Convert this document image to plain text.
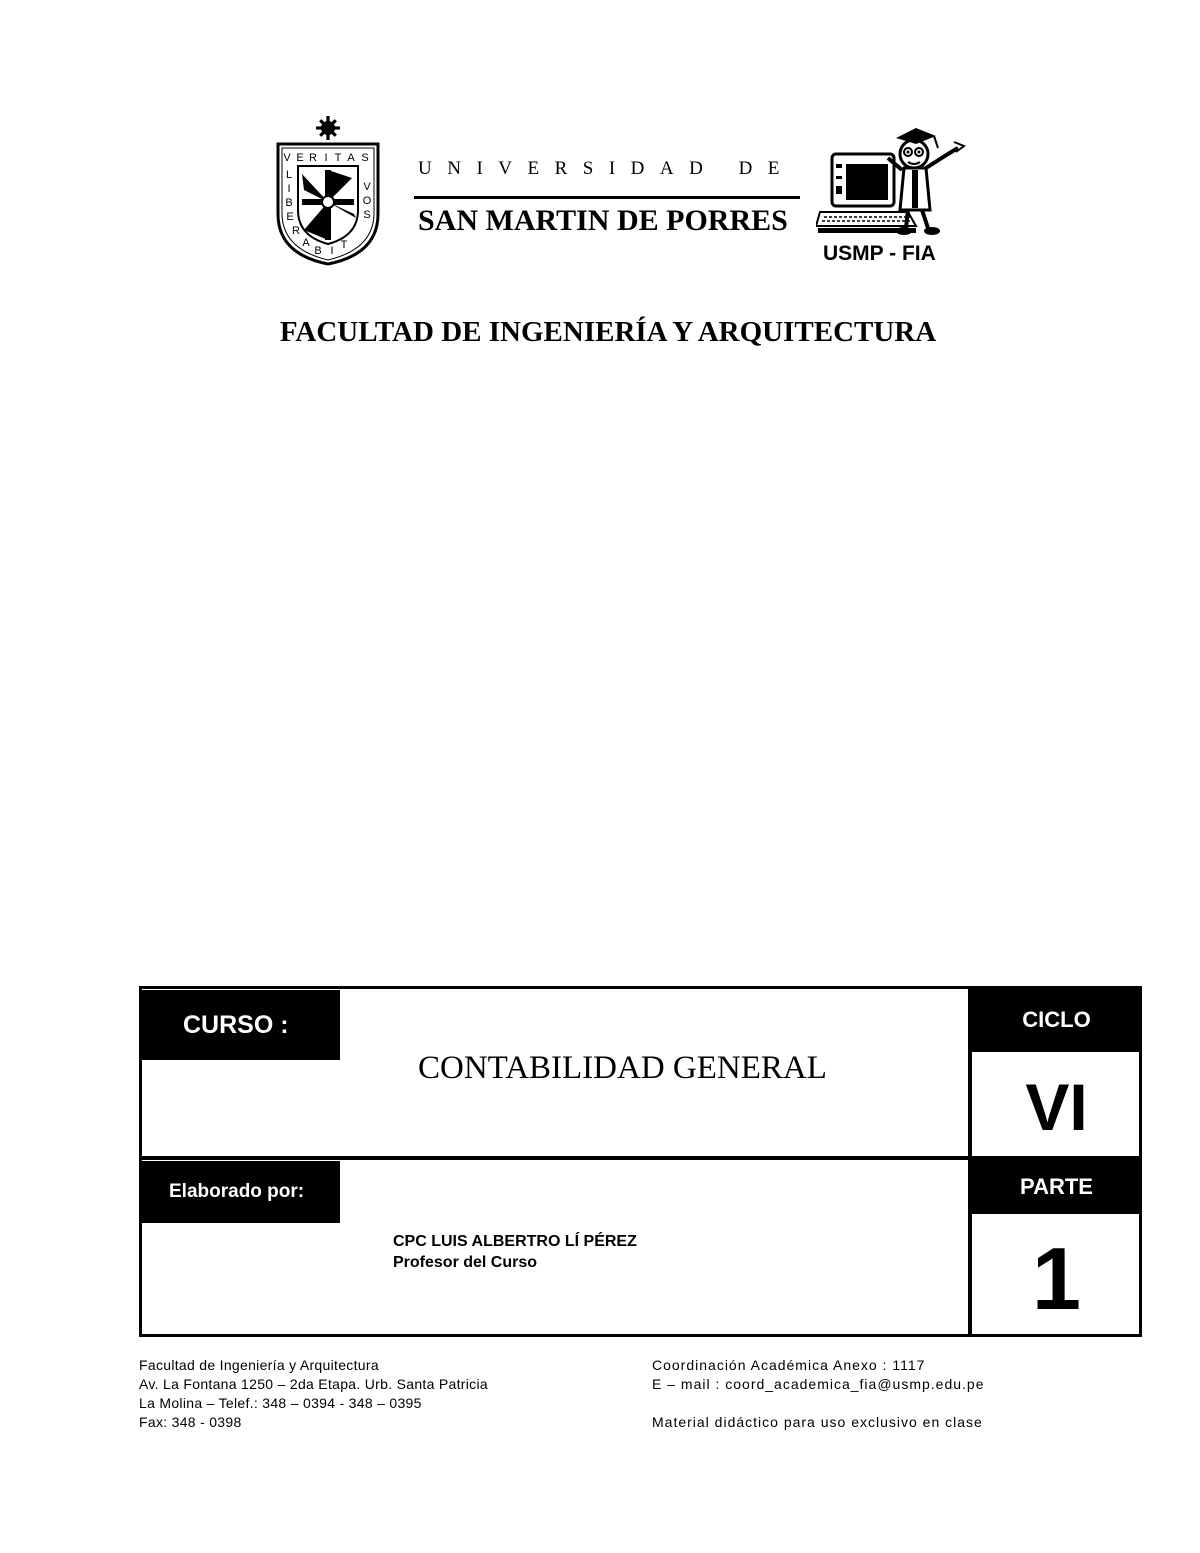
V E R I T A S
L
I
B
E
R
A
B I T
V
O
S
UNIVERSIDAD DE
SAN MARTIN DE PORRES
USMP - FIA
FACULTAD DE INGENIERÍA Y ARQUITECTURA
CURSO :
CONTABILIDAD GENERAL
CICLO
VI
Elaborado por:
CPC LUIS ALBERTRO LÍ PÉREZ
Profesor del Curso
PARTE
1
Facultad de Ingeniería y Arquitectura
Av. La Fontana 1250 – 2da Etapa. Urb. Santa Patricia
La Molina – Telef.: 348 – 0394 - 348 – 0395
Fax: 348 - 0398
Coordinación Académica Anexo : 1117
E – mail : coord_academica_fia@usmp.edu.pe
Material didáctico para uso exclusivo en clase
